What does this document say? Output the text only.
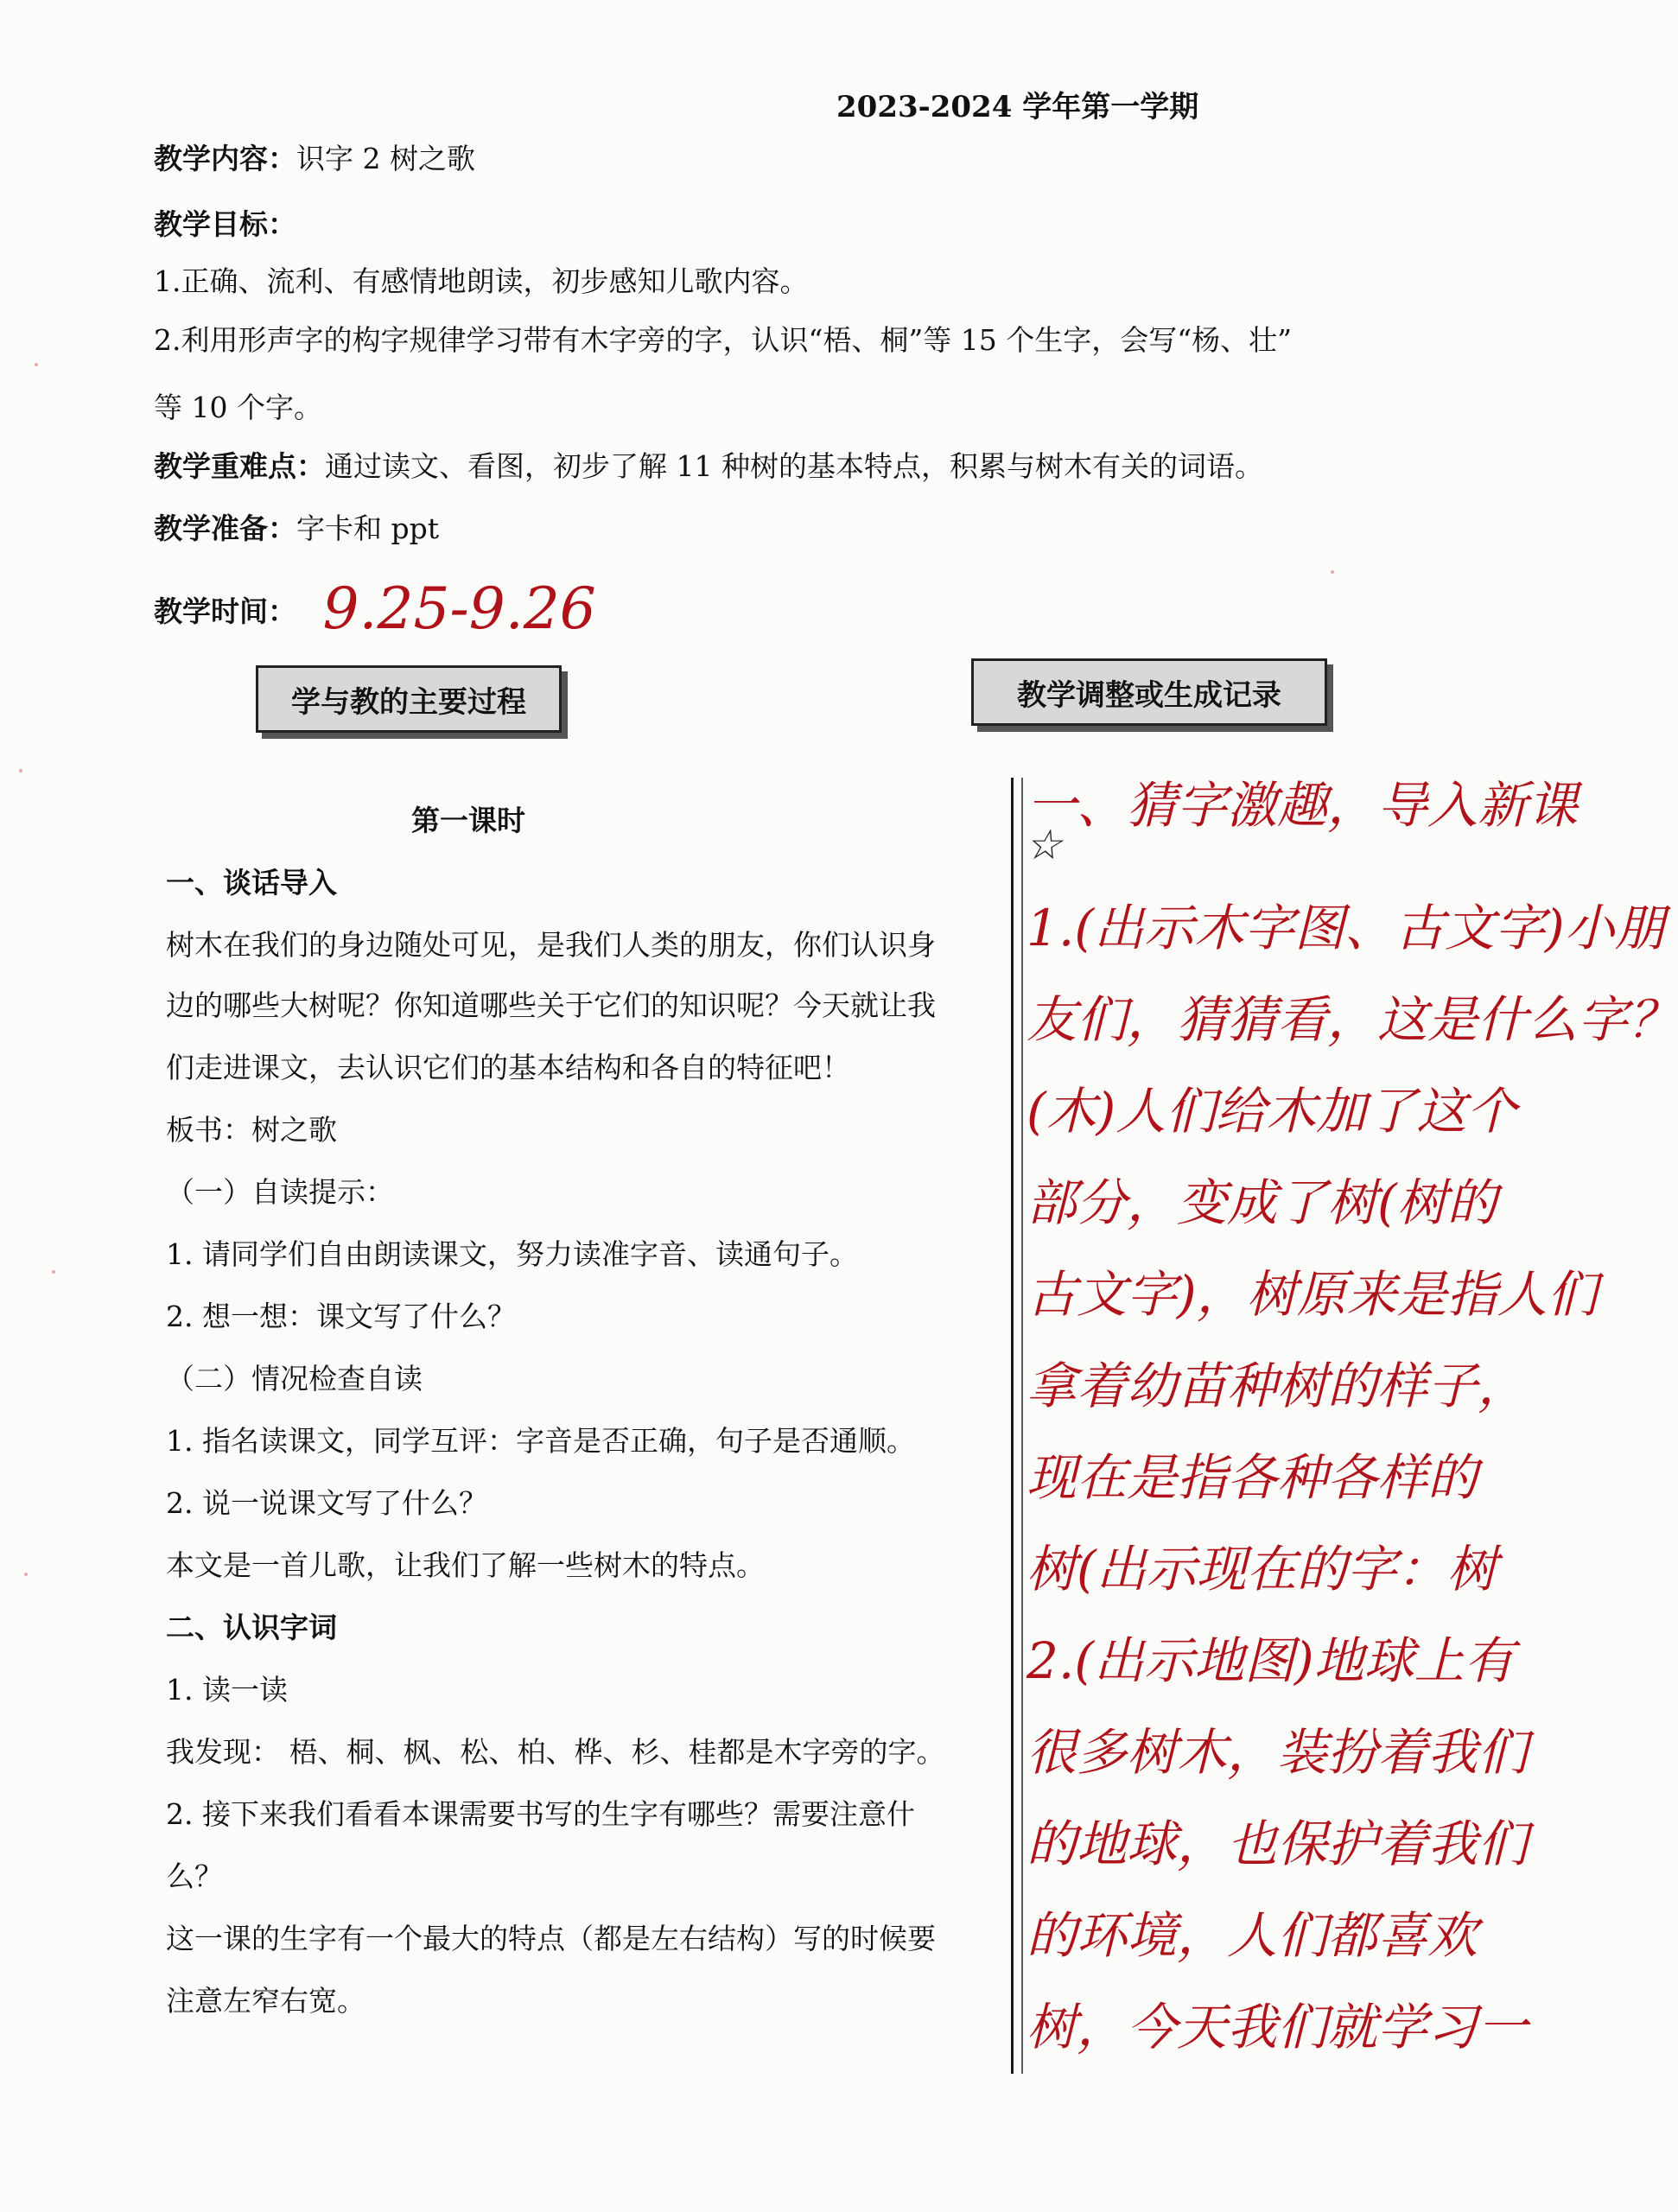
2023-2024 学年第一学期
教学内容：识字 2 树之歌
教学目标：
1.正确、流利、有感情地朗读，初步感知儿歌内容。
2.利用形声字的构字规律学习带有木字旁的字，认识“梧、桐”等 15 个生字，会写“杨、壮”
等 10 个字。
教学重难点：通过读文、看图，初步了解 11 种树的基本特点，积累与树木有关的词语。
教学准备：字卡和 ppt
教学时间： 9.25-9.26
学与教的主要过程	教学调整或生成记录
第一课时
一、谈话导入
树木在我们的身边随处可见，是我们人类的朋友，你们认识身
边的哪些大树呢？你知道哪些关于它们的知识呢？今天就让我
们走进课文，去认识它们的基本结构和各自的特征吧！
板书：树之歌
（一）自读提示：
1. 请同学们自由朗读课文，努力读准字音、读通句子。
2. 想一想：课文写了什么？
（二）情况检查自读
1. 指名读课文，同学互评：字音是否正确，句子是否通顺。
2. 说一说课文写了什么？
本文是一首儿歌，让我们了解一些树木的特点。
二、认识字词
1. 读一读
我发现： 梧、桐、枫、松、柏、桦、杉、桂都是木字旁的字。
2. 接下来我们看看本课需要书写的生字有哪些？需要注意什
么？
这一课的生字有一个最大的特点（都是左右结构）写的时候要
注意左窄右宽。
☆
一、猜字激趣，导入新课
1.(出示木字图、古文字)小朋
友们，猜猜看，这是什么字？
(木)人们给木加了这个
部分，变成了树(树的
古文字)，树原来是指人们
拿着幼苗种树的样子，
现在是指各种各样的
树(出示现在的字：树
2.(出示地图)地球上有
很多树木，装扮着我们
的地球，也保护着我们
的环境，人们都喜欢
树，今天我们就学习一
